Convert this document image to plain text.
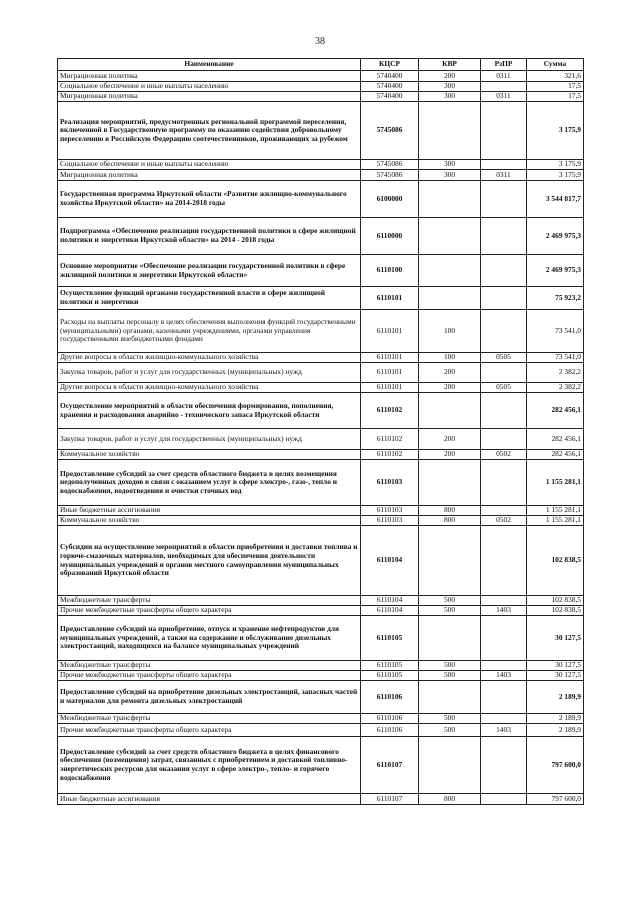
38
Наименование	КЦСР	КВР	РзПР	Сумма
Миграционная политика	5740400	200	0311	321,6
Социальное обеспечение и иные выплаты населению	5740400	300		17,5
Миграционная политика	5740400	300	0311	17,5
Реализация мероприятий, предусмотренных региональной программой переселения, включенной в Государственную программу по оказанию содействия добровольному переселению в Российскую Федерацию соотечественников, проживающих за рубежом	5745086			3 175,9
Социальное обеспечение и иные выплаты населению	5745086	300		3 175,9
Миграционная политика	5745086	300	0311	3 175,9
Государственная программа Иркутской области «Развитие жилищно-коммунального хозяйства Иркутской области» на 2014-2018 годы	6100000			3 544 817,7
Подпрограмма «Обеспечение реализации государственной политики в сфере жилищной политики и энергетики Иркутской области» на 2014 - 2018 годы	6110000			2 469 975,3
Основное мероприятие «Обеспечение реализации государственной политики в сфере жилищной политики и энергетики Иркутской области»	6110100			2 469 975,3
Осуществление функций органами государственной власти в сфере жилищной политики и энергетики	6110101			75 923,2
Расходы на выплаты персоналу в целях обеспечения выполнения функций государственными (муниципальными) органами, казенными учреждениями, органами управления государственными внебюджетными фондами	6110101	100		73 541,0
Другие вопросы в области жилищно-коммунального хозяйства	6110101	100	0505	73 541,0
Закупка товаров, работ и услуг для государственных (муниципальных) нужд	6110101	200		2 382,2
Другие вопросы в области жилищно-коммунального хозяйства	6110101	200	0505	2 382,2
Осуществление мероприятий в области обеспечения формирования, пополнения, хранения и расходования аварийно - технического запаса Иркутской области	6110102			282 456,1
Закупка товаров, работ и услуг для государственных (муниципальных) нужд	6110102	200		282 456,1
Коммунальное хозяйство	6110102	200	0502	282 456,1
Предоставление субсидий за счет средств областного бюджета в целях возмещения недополученных доходов в связи с оказанием услуг в сфере электро-, газо-, тепло и водоснабжения, водоотведения и очистки сточных вод	6110103			1 155 281,1
Иные бюджетные ассигнования	6110103	800		1 155 281,1
Коммунальное хозяйство	6110103	800	0502	1 155 281,1
Субсидии на осуществление мероприятий в области приобретения и доставки топлива и горюче-смазочных материалов, необходимых для обеспечения деятельности муниципальных учреждений и органов местного самоуправления муниципальных образований Иркутской области	6110104			102 838,5
Межбюджетные трансферты	6110104	500		102 838,5
Прочие межбюджетные трансферты общего характера	6110104	500	1403	102 838,5
Предоставление субсидий на приобретение, отпуск и хранение нефтепродуктов для муниципальных учреждений, а также на содержание и обслуживание дизельных электростанций, находящихся на балансе муниципальных учреждений	6110105			30 127,5
Межбюджетные трансферты	6110105	500		30 127,5
Прочие межбюджетные трансферты общего характера	6110105	500	1403	30 127,5
Предоставление субсидий на приобретение дизельных электростанций, запасных частей и материалов для ремонта дизельных электростанций	6110106			2 189,9
Межбюджетные трансферты	6110106	500		2 189,9
Прочие межбюджетные трансферты общего характера	6110106	500	1403	2 189,9
Предоставление субсидий за счет средств областного бюджета в целях финансового обеспечения (возмещения) затрат, связанных с приобретением и доставкой топливно-энергетических ресурсов для оказания услуг в сфере электро-, тепло- и горячего водоснабжения	6110107			797 600,0
Иные бюджетные ассигнования	6110107	800		797 600,0
